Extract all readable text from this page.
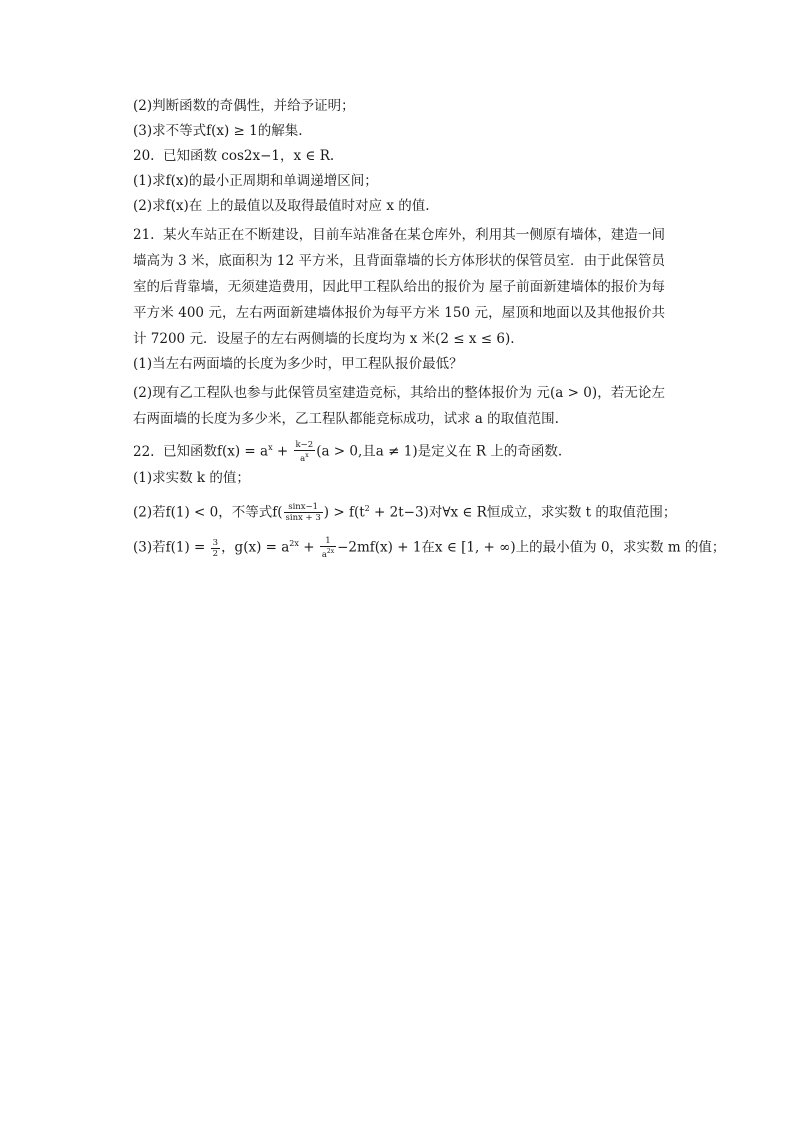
(2)判断函数的奇偶性，并给予证明；
(3)求不等式f(x) ≥ 1的解集.
20. 已知函数 cos2x−1，x ∈ R.
(1)求f(x)的最小正周期和单调递增区间；
(2)求f(x)在 上的最值以及取得最值时对应 x 的值.
21. 某火车站正在不断建设，目前车站准备在某仓库外，利用其一侧原有墙体，建造一间墙高为 3 米，底面积为 12 平方米，且背面靠墙的长方体形状的保管员室．由于此保管员室的后背靠墙，无须建造费用，因此甲工程队给出的报价为 屋子前面新建墙体的报价为每平方米 400 元，左右两面新建墙体报价为每平方米 150 元，屋顶和地面以及其他报价共计 7200 元．设屋子的左右两侧墙的长度均为 x 米(2 ≤ x ≤ 6).
(1)当左右两面墙的长度为多少时，甲工程队报价最低？
(2)现有乙工程队也参与此保管员室建造竞标，其给出的整体报价为 元(a > 0)，若无论左右两面墙的长度为多少米，乙工程队都能竞标成功，试求 a 的取值范围.
22. 已知函数$f(x) = a^x + \frac{k-2}{a^x} (a > 0$,且a ≠ 1)是定义在 R 上的奇函数.
(1)求实数 k 的值；
(2)若f(1) < 0，不等式$f( \frac{\sin x-1}{\sin x + 3}$ ) > $f(t^2 + 2t-3)$对∀x ∈ R恒成立，求实数 t 的取值范围；
(3)若$f(1) = \frac{3}{2}$ ，$g(x) = a^{2x} + \frac{1}{a^{2x}} -2mf(x) + 1$在x ∈ [1, + ∞)上的最小值为 0，求实数 m 的值；
